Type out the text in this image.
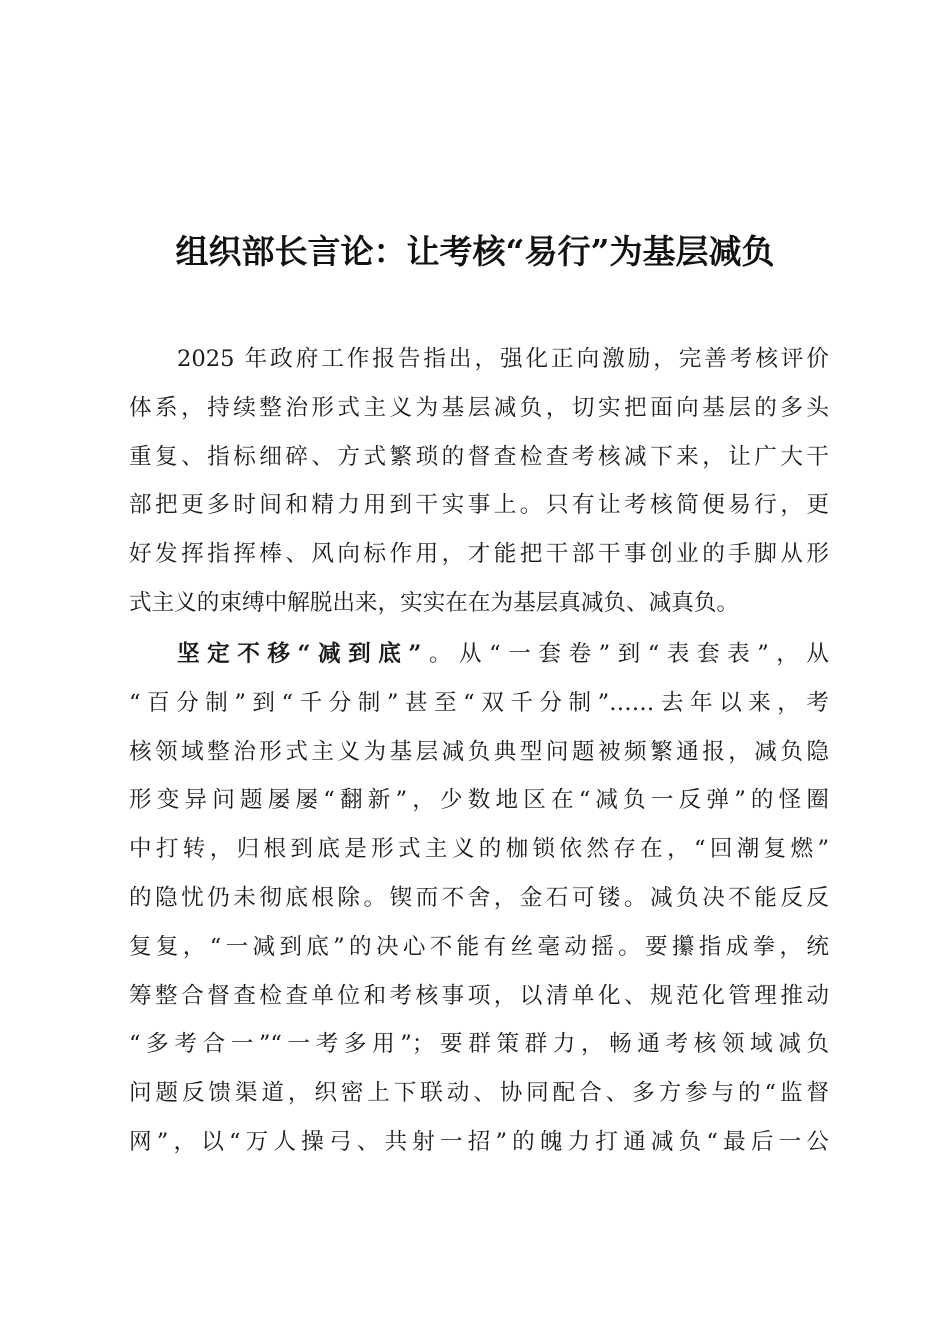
组织部长言论：让考核“易行”为基层减负

2025 年政府工作报告指出，强化正向激励，完善考核评价

体系，持续整治形式主义为基层减负，切实把面向基层的多头

重复、指标细碎、方式繁琐的督查检查考核减下来，让广大干

部把更多时间和精力用到干实事上。只有让考核简便易行，更

好发挥指挥棒、风向标作用，才能把干部干事创业的手脚从形

式主义的束缚中解脱出来，实实在在为基层真减负、减真负。

坚定不移“减到底”。从“一套卷”到“表套表”，从

“百分制”到“千分制”甚至“双千分制”……去年以来，考

核领域整治形式主义为基层减负典型问题被频繁通报，减负隐

形变异问题屡屡“翻新”，少数地区在“减负一反弹”的怪圈

中打转，归根到底是形式主义的枷锁依然存在，“回潮复燃”

的隐忧仍未彻底根除。锲而不舍，金石可镂。减负决不能反反

复复，“一减到底”的决心不能有丝毫动摇。要攥指成拳，统

筹整合督查检查单位和考核事项，以清单化、规范化管理推动

“多考合一”“一考多用”；要群策群力，畅通考核领域减负

问题反馈渠道，织密上下联动、协同配合、多方参与的“监督

网”，以“万人操弓、共射一招”的魄力打通减负“最后一公
